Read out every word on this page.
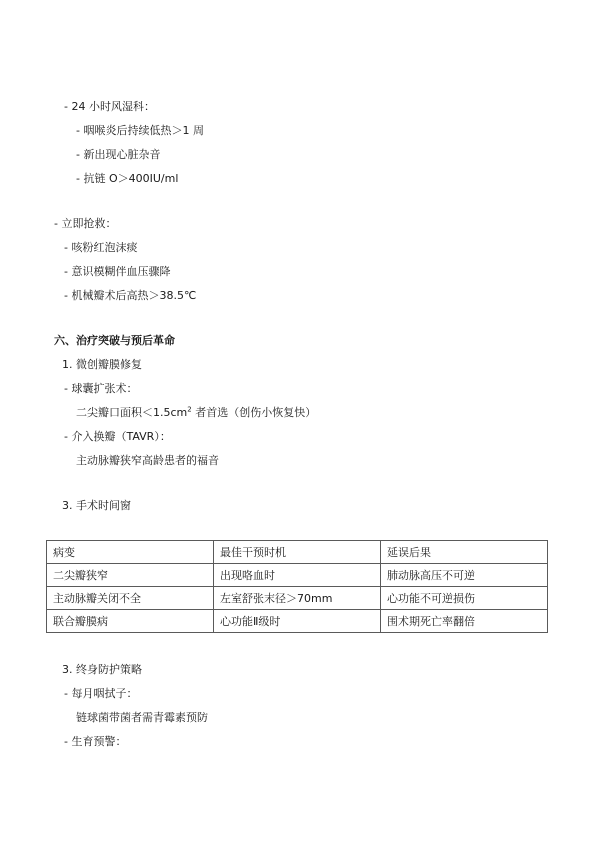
- 24 小时风湿科：
- 咽喉炎后持续低热＞1 周
- 新出现心脏杂音
- 抗链 O＞400IU/ml
- 立即抢救：
- 咳粉红泡沫痰
- 意识模糊伴血压骤降
- 机械瓣术后高热＞38.5℃
六、治疗突破与预后革命
1. 微创瓣膜修复
- 球囊扩张术：
二尖瓣口面积$<1.5cm^2$ 者首选（创伤小恢复快）
- 介入换瓣（TAVR）：
主动脉瓣狭窄高龄患者的福音
3. 手术时间窗
病变	最佳干预时机	延误后果
二尖瓣狭窄	出现咯血时	肺动脉高压不可逆
主动脉瓣关闭不全	左室舒张末径＞70mm	心功能不可逆损伤
联合瓣膜病	心功能Ⅱ级时	围术期死亡率翻倍
3. 终身防护策略
- 每月咽拭子：
链球菌带菌者需青霉素预防
- 生育预警：
